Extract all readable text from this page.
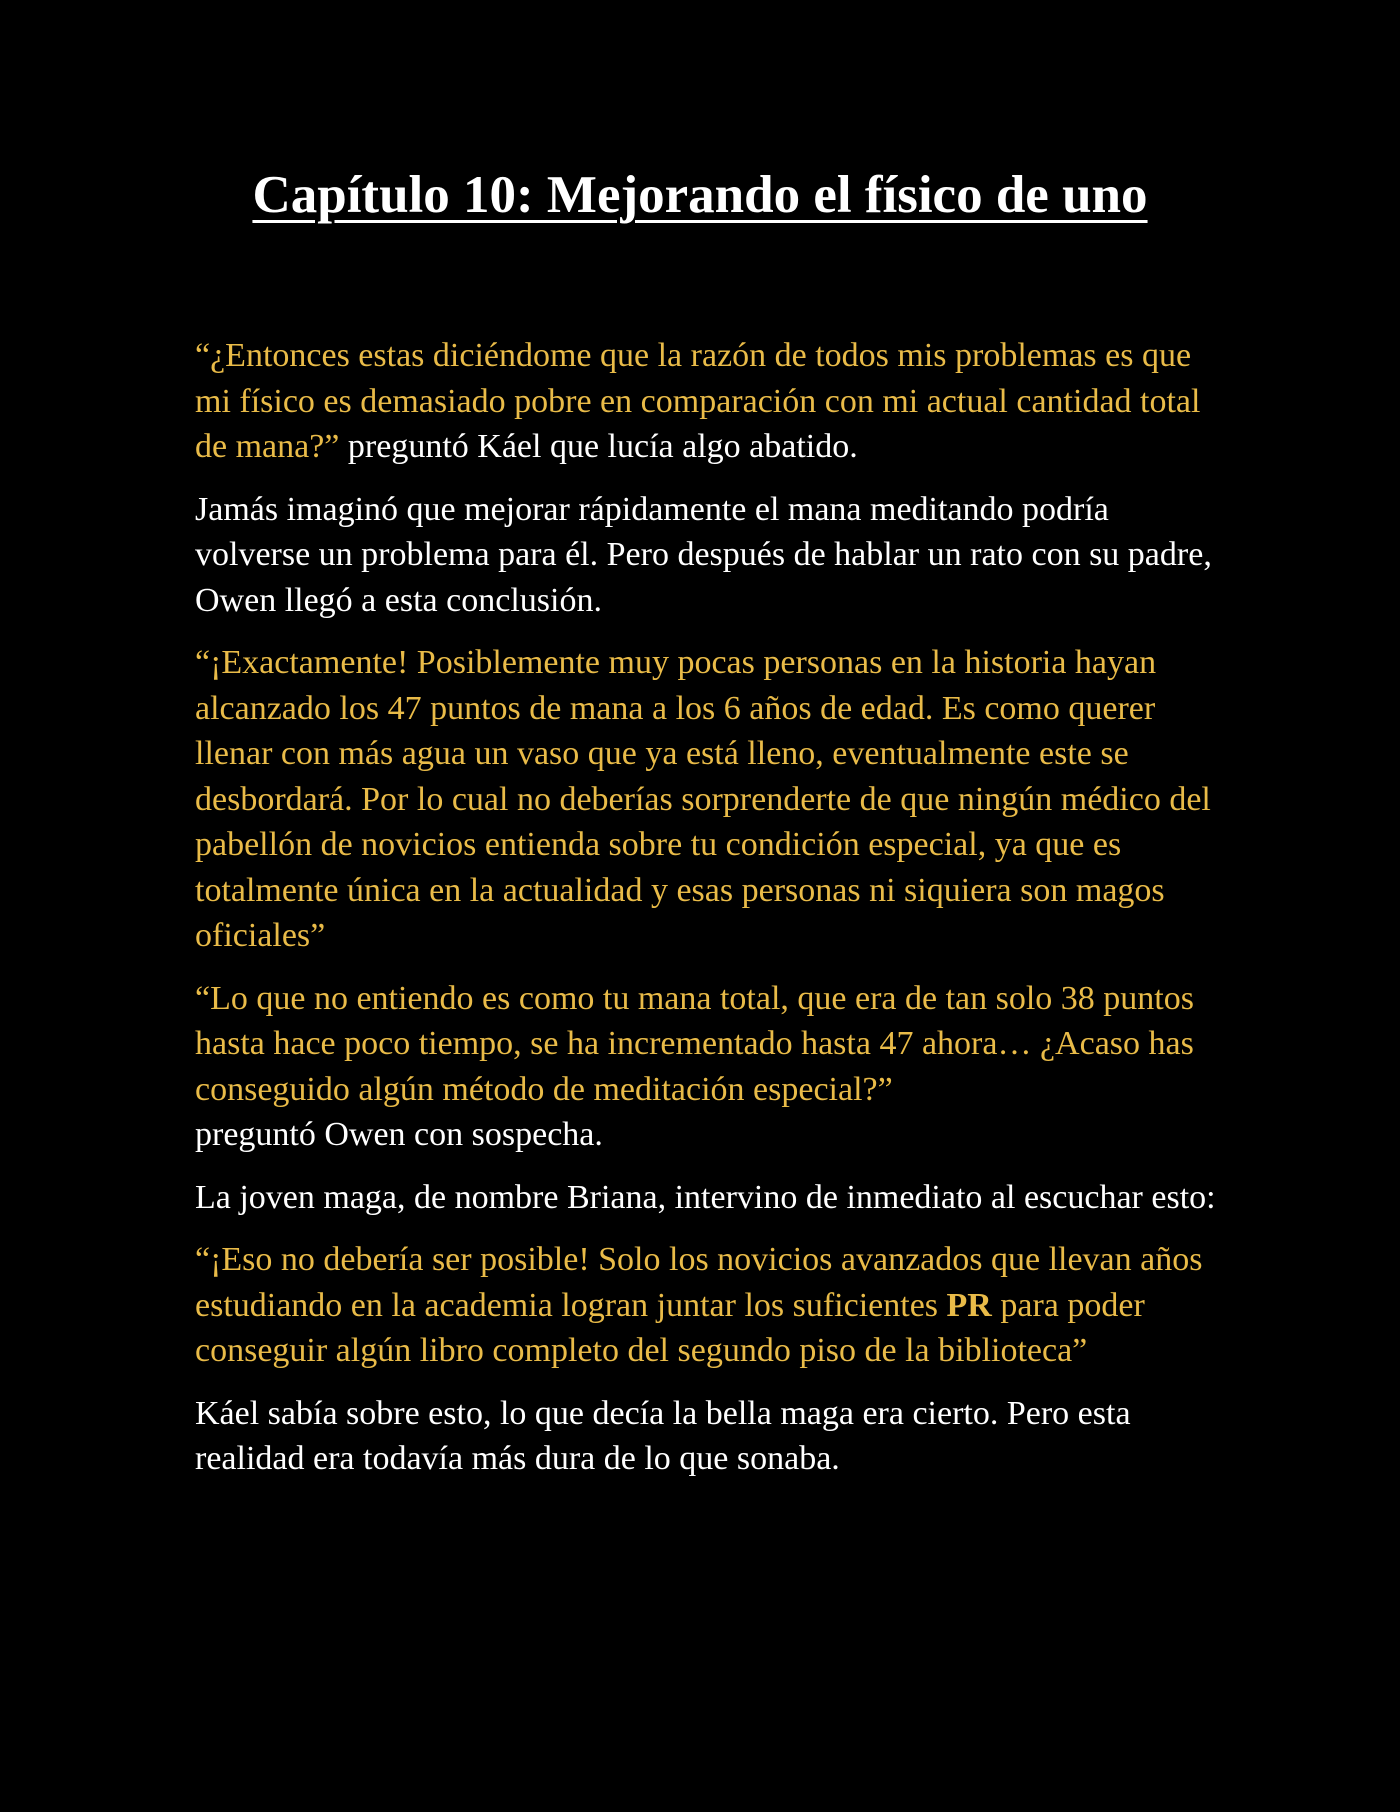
Capítulo 10: Mejorando el físico de uno

“¿Entonces estas diciéndome que la razón de todos mis problemas es que mi físico es demasiado pobre en comparación con mi actual cantidad total de mana?” preguntó Káel que lucía algo abatido.

Jamás imaginó que mejorar rápidamente el mana meditando podría volverse un problema para él. Pero después de hablar un rato con su padre, Owen llegó a esta conclusión.

“¡Exactamente! Posiblemente muy pocas personas en la historia hayan alcanzado los 47 puntos de mana a los 6 años de edad. Es como querer llenar con más agua un vaso que ya está lleno, eventualmente este se desbordará. Por lo cual no deberías sorprenderte de que ningún médico del pabellón de novicios entienda sobre tu condición especial, ya que es totalmente única en la actualidad y esas personas ni siquiera son magos oficiales”

“Lo que no entiendo es como tu mana total, que era de tan solo 38 puntos hasta hace poco tiempo, se ha incrementado hasta 47 ahora… ¿Acaso has conseguido algún método de meditación especial?”
preguntó Owen con sospecha.

La joven maga, de nombre Briana, intervino de inmediato al escuchar esto:

“¡Eso no debería ser posible! Solo los novicios avanzados que llevan años estudiando en la academia logran juntar los suficientes PR para poder conseguir algún libro completo del segundo piso de la biblioteca”

Káel sabía sobre esto, lo que decía la bella maga era cierto. Pero esta realidad era todavía más dura de lo que sonaba.
